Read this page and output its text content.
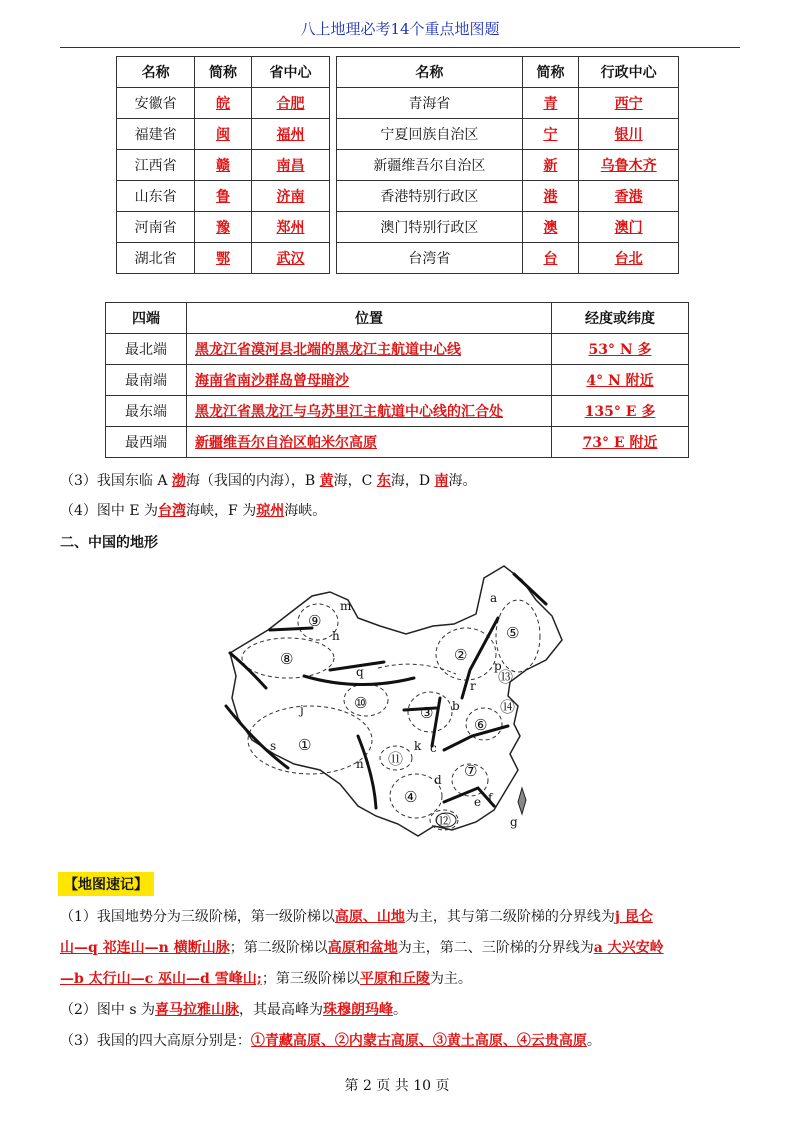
八上地理必考14个重点地图题
名称	简称	省中心		名称	简称	行政中心
安徽省	皖	合肥		青海省	青	西宁
福建省	闽	福州		宁夏回族自治区	宁	银川
江西省	赣	南昌		新疆维吾尔自治区	新	乌鲁木齐
山东省	鲁	济南		香港特别行政区	港	香港
河南省	豫	郑州		澳门特别行政区	澳	澳门
湖北省	鄂	武汉		台湾省	台	台北
四端	位置	经度或纬度
最北端	黑龙江省漠河县北端的黑龙江主航道中心线	53° N 多
最南端	海南省南沙群岛曾母暗沙	4° N 附近
最东端	黑龙江省黑龙江与乌苏里江主航道中心线的汇合处	135° E 多
最西端	新疆维吾尔自治区帕米尔高原	73° E 附近
（3）我国东临 A 渤海（我国的内海），B 黄海，C 东海，D 南海。
（4）图中 E 为台湾海峡，F 为琼州海峡。
二、中国的地形
m
h
q
j
s
n
a
b
c
k
d
e f
g
p
r
⑨
⑧
⑩
①
②
③
⑤
⑥
⑦
④
⑪
⑫
⑬
⑭
【地图速记】
（1）我国地势分为三级阶梯，第一级阶梯以高原、山地为主，其与第二级阶梯的分界线为j 昆仑
山—q 祁连山—n 横断山脉；第二级阶梯以高原和盆地为主，第二、三阶梯的分界线为a 大兴安岭
—b 太行山—c 巫山—d 雪峰山;；第三级阶梯以平原和丘陵为主。
（2）图中 s 为喜马拉雅山脉，其最高峰为珠穆朗玛峰。
（3）我国的四大高原分别是：①青藏高原、②内蒙古高原、③黄土高原、④云贵高原。
第 2 页 共 10 页
